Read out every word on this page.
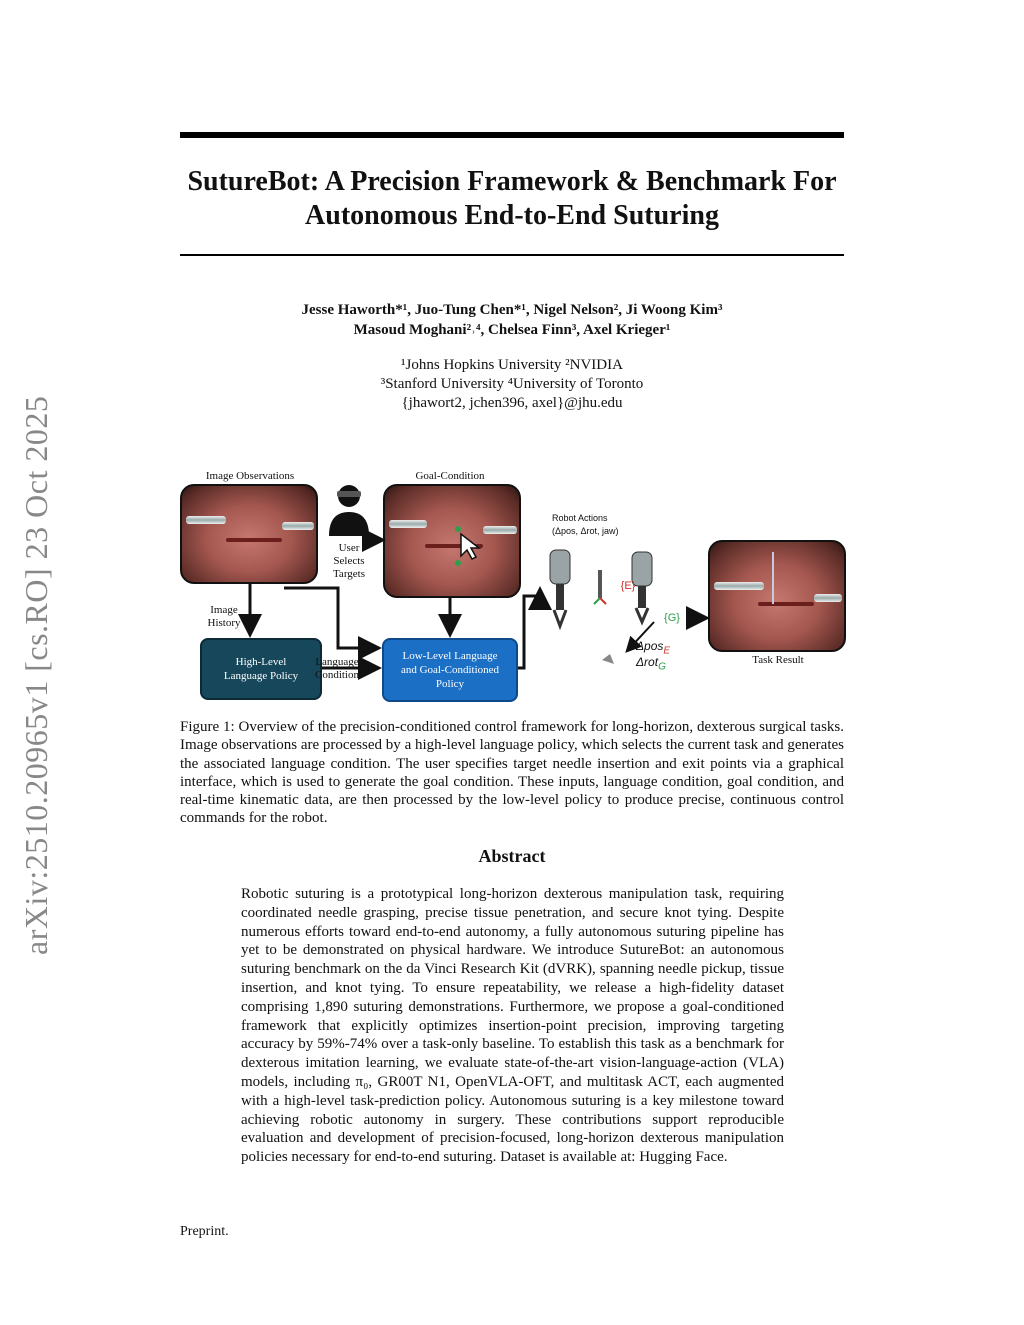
arXiv:2510.20965v1 [cs.RO] 23 Oct 2025
SutureBot: A Precision Framework & Benchmark For
Autonomous End-to-End Suturing
Jesse Haworth*¹, Juo-Tung Chen*¹, Nigel Nelson², Ji Woong Kim³
Masoud Moghani²˒⁴, Chelsea Finn³, Axel Krieger¹
¹Johns Hopkins University ²NVIDIA
³Stanford University ⁴University of Toronto
{jhawort2, jchen396, axel}@jhu.edu
Image Observations	Goal-Condition
User
Selects
Targets
Image
History
High-Level
Language Policy
Language
Condition
Low-Level Language
and Goal-Conditioned
Policy
Robot Actions
(Δpos, Δrot, jaw)
{E}
{G}
Δpos$_E$
Δrot$_G$
Task Result
Figure 1: Overview of the precision-conditioned control framework for long-horizon, dexterous surgical tasks. Image observations are processed by a high-level language policy, which selects the current task and generates the associated language condition. The user specifies target needle insertion and exit points via a graphical interface, which is used to generate the goal condition. These inputs, language condition, goal condition, and real-time kinematic data, are then processed by the low-level policy to produce precise, continuous control commands for the robot.
Abstract
Robotic suturing is a prototypical long-horizon dexterous manipulation task, requiring coordinated needle grasping, precise tissue penetration, and secure knot tying. Despite numerous efforts toward end-to-end autonomy, a fully autonomous suturing pipeline has yet to be demonstrated on physical hardware. We introduce SutureBot: an autonomous suturing benchmark on the da Vinci Research Kit (dVRK), spanning needle pickup, tissue insertion, and knot tying. To ensure repeatability, we release a high-fidelity dataset comprising 1,890 suturing demonstrations. Furthermore, we propose a goal-conditioned framework that explicitly optimizes insertion-point precision, improving targeting accuracy by 59%-74% over a task-only baseline. To establish this task as a benchmark for dexterous imitation learning, we evaluate state-of-the-art vision-language-action (VLA) models, including π₀, GR00T N1, OpenVLA-OFT, and multitask ACT, each augmented with a high-level task-prediction policy. Autonomous suturing is a key milestone toward achieving robotic autonomy in surgery. These contributions support reproducible evaluation and development of precision-focused, long-horizon dexterous manipulation policies necessary for end-to-end suturing. Dataset is available at: Hugging Face.
Preprint.
